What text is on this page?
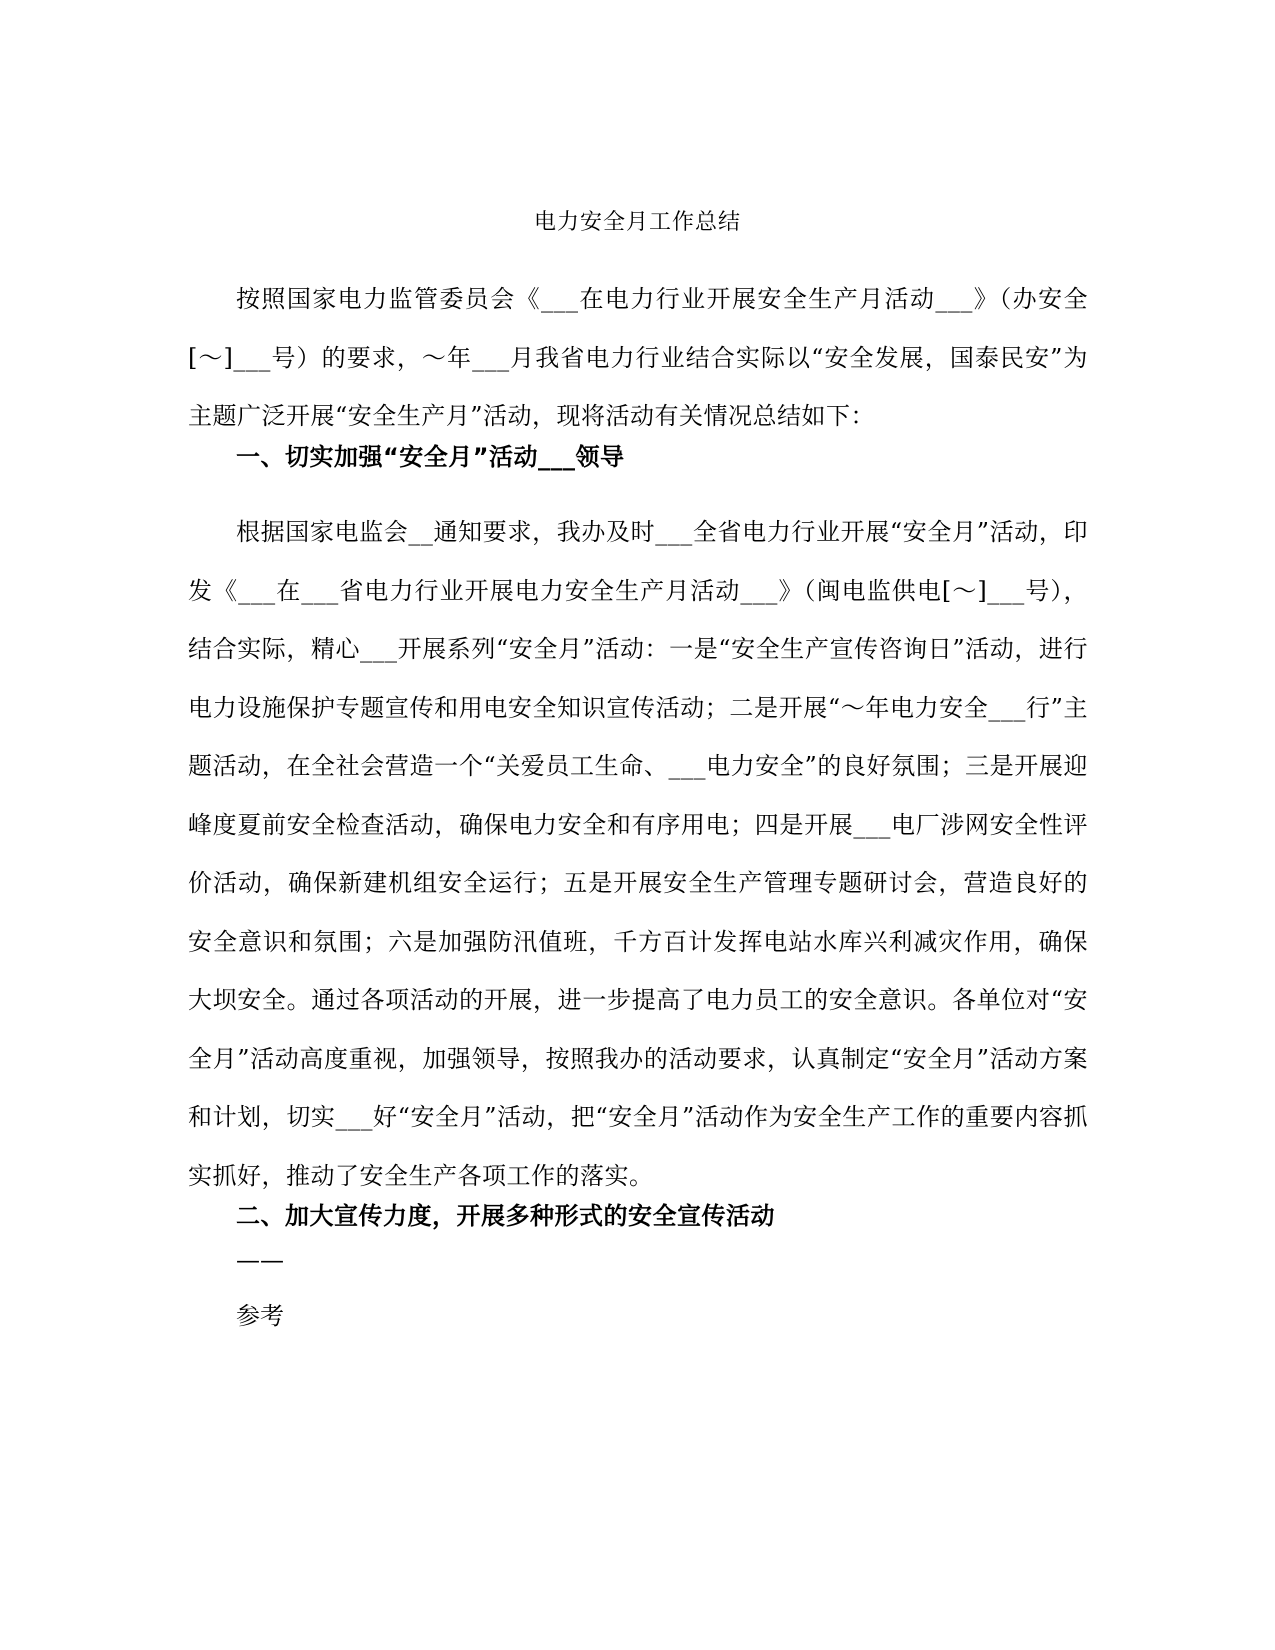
电力安全月工作总结
按照国家电力监管委员会《___在电力行业开展安全生产月活动___》（办安全[～]___号）的要求，～年___月我省电力行业结合实际以“安全发展，国泰民安”为主题广泛开展“安全生产月”活动，现将活动有关情况总结如下：
一、切实加强“安全月”活动___领导
根据国家电监会__通知要求，我办及时___全省电力行业开展“安全月”活动，印发《___在___省电力行业开展电力安全生产月活动___》（闽电监供电[～]___号），结合实际，精心___开展系列“安全月”活动：一是“安全生产宣传咨询日”活动，进行电力设施保护专题宣传和用电安全知识宣传活动；二是开展“～年电力安全___行”主题活动，在全社会营造一个“关爱员工生命、___电力安全”的良好氛围；三是开展迎峰度夏前安全检查活动，确保电力安全和有序用电；四是开展___电厂涉网安全性评价活动，确保新建机组安全运行；五是开展安全生产管理专题研讨会，营造良好的安全意识和氛围；六是加强防汛值班，千方百计发挥电站水库兴利减灾作用，确保大坝安全。通过各项活动的开展，进一步提高了电力员工的安全意识。各单位对“安全月”活动高度重视，加强领导，按照我办的活动要求，认真制定“安全月”活动方案和计划，切实___好“安全月”活动，把“安全月”活动作为安全生产工作的重要内容抓实抓好，推动了安全生产各项工作的落实。
二、加大宣传力度，开展多种形式的安全宣传活动
——
参考
